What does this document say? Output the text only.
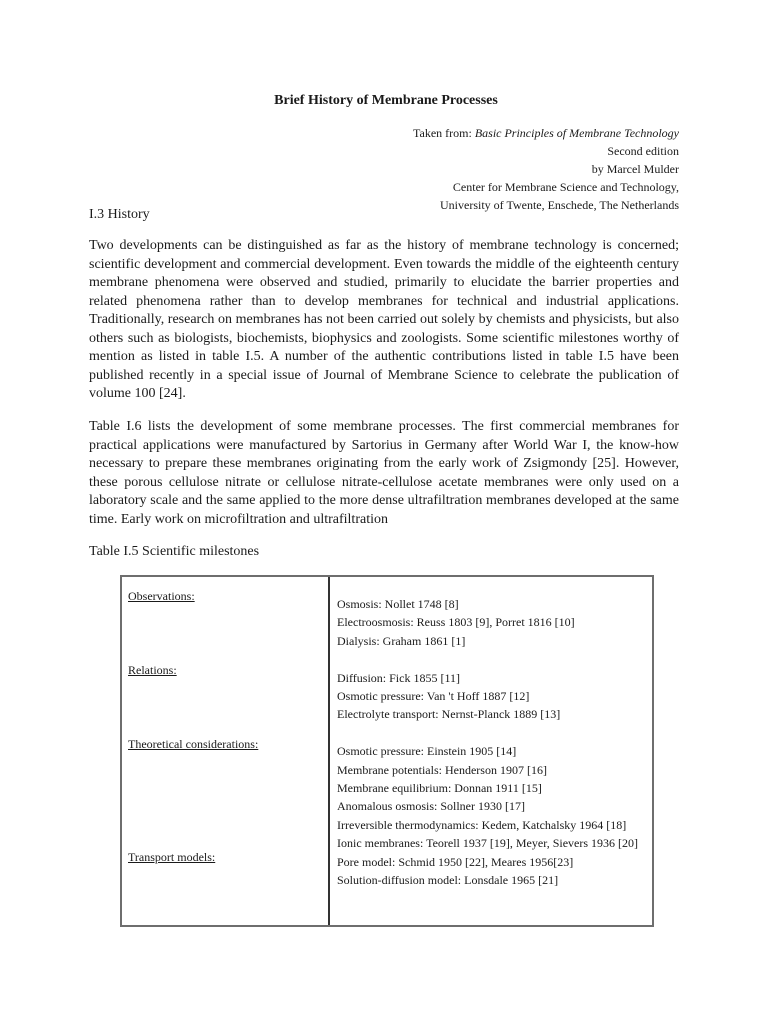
Brief History of Membrane Processes
Taken from: Basic Principles of Membrane Technology
Second edition
by Marcel Mulder
Center for Membrane Science and Technology,
University of Twente, Enschede, The Netherlands
I.3 History

Two developments can be distinguished as far as the history of membrane technology is concerned; scientific development and commercial development. Even towards the middle of the eighteenth century membrane phenomena were observed and studied, primarily to elucidate the barrier properties and related phenomena rather than to develop membranes for technical and industrial applications. Traditionally, research on membranes has not been carried out solely by chemists and physicists, but also others such as biologists, biochemists, biophysics and zoologists. Some scientific milestones worthy of mention as listed in table I.5. A number of the authentic contributions listed in table I.5 have been published recently in a special issue of Journal of Membrane Science to celebrate the publication of volume 100 [24].

Table I.6 lists the development of some membrane processes. The first commercial membranes for practical applications were manufactured by Sartorius in Germany after World War I, the know-how necessary to prepare these membranes originating from the early work of Zsigmondy [25]. However, these porous cellulose nitrate or cellulose nitrate-cellulose acetate membranes were only used on a laboratory scale and the same applied to the more dense ultrafiltration membranes developed at the same time. Early work on microfiltration and ultrafiltration

Table I.5 Scientific milestones
Observations:
Relations:
Theoretical considerations:
Transport models:
Osmosis: Nollet 1748 [8]
Electroosmosis: Reuss 1803 [9], Porret 1816 [10]
Dialysis: Graham 1861 [1]
Diffusion: Fick 1855 [11]
Osmotic pressure: Van 't Hoff 1887 [12]
Electrolyte transport: Nernst-Planck 1889 [13]
Osmotic pressure: Einstein 1905 [14]
Membrane potentials: Henderson 1907 [16]
Membrane equilibrium: Donnan 1911 [15]
Anomalous osmosis: Sollner 1930 [17]
Irreversible thermodynamics: Kedem, Katchalsky 1964 [18]
Ionic membranes: Teorell 1937 [19], Meyer, Sievers 1936 [20]
Pore model: Schmid 1950 [22], Meares 1956[23]
Solution-diffusion model: Lonsdale 1965 [21]
